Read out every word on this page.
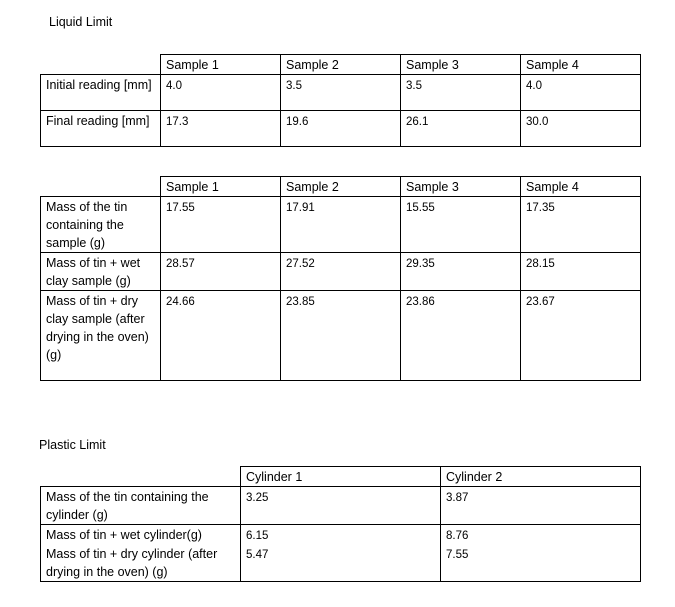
Liquid Limit
	Sample 1	Sample 2	Sample 3	Sample 4
Initial reading [mm]	4.0	3.5	3.5	4.0
Final reading [mm]	17.3	19.6	26.1	30.0
	Sample 1	Sample 2	Sample 3	Sample 4
Mass of the tin containing the sample (g)	17.55	17.91	15.55	17.35
Mass of tin + wet clay sample (g)	28.57	27.52	29.35	28.15
Mass of tin + dry clay sample (after drying in the oven) (g)	24.66	23.85	23.86	23.67
Plastic Limit
	Cylinder 1	Cylinder 2
Mass of the tin containing the cylinder (g)	3.25	3.87
Mass of tin + wet cylinder(g)	6.15	8.76
Mass of tin + dry cylinder (after drying in the oven) (g)	5.47	7.55
